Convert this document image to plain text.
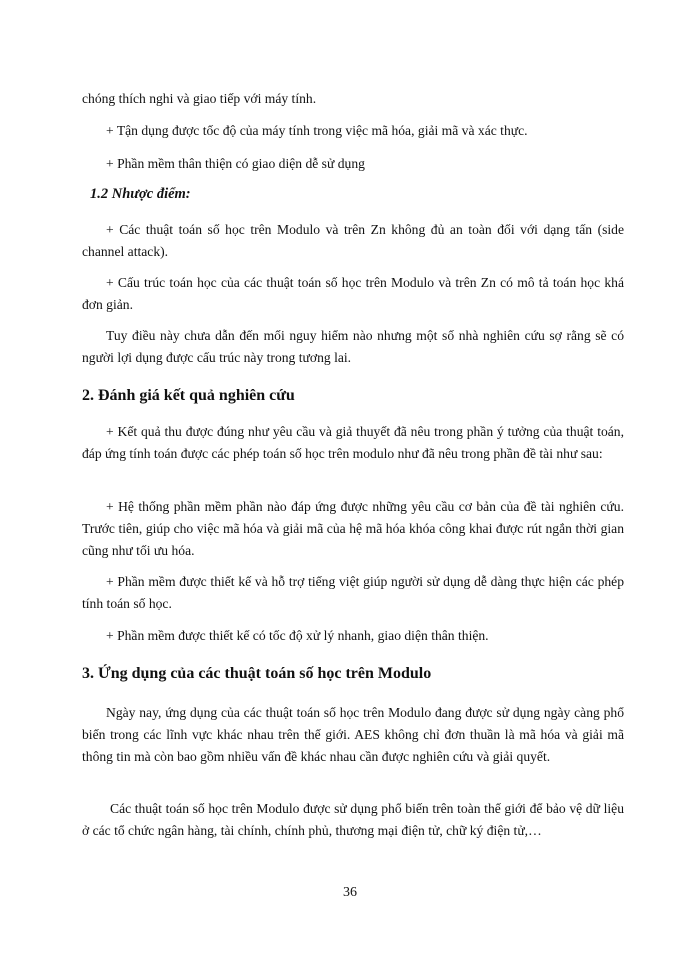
chóng thích nghi và giao tiếp với máy tính.

+ Tận dụng được tốc độ của máy tính trong việc mã hóa, giải mã và xác thực.

+ Phần mềm thân thiện có giao diện dễ sử dụng

1.2 Nhược điểm:

+ Các thuật toán số học trên Modulo và trên Zn không đủ an toàn đối với dạng tấn (side channel attack).

+ Cấu trúc toán học của các thuật toán số học trên Modulo và trên Zn có mô tả toán học khá đơn giản.

Tuy điều này chưa dẫn đến mối nguy hiểm nào nhưng một số nhà nghiên cứu sợ rằng sẽ có người lợi dụng được cấu trúc này trong tương lai.

2. Đánh giá kết quả nghiên cứu

+ Kết quả thu được đúng như yêu cầu và giả thuyết đã nêu trong phần ý tưởng của thuật toán, đáp ứng tính toán được các phép toán số học trên modulo như đã nêu trong phần đề tài như sau:

+ Hệ thống phần mềm phần nào đáp ứng được những yêu cầu cơ bản của đề tài nghiên cứu. Trước tiên, giúp cho việc mã hóa và giải mã của hệ mã hóa khóa công khai được rút ngắn thời gian cũng như tối ưu hóa.

+ Phần mềm được thiết kế và hỗ trợ tiếng việt giúp người sử dụng dễ dàng thực hiện các phép tính toán số học.

+ Phần mềm được thiết kế có tốc độ xử lý nhanh, giao diện thân thiện.

3. Ứng dụng của các thuật toán số học trên Modulo

Ngày nay, ứng dụng của các thuật toán số học trên Modulo đang được sử dụng ngày càng phổ biến trong các lĩnh vực khác nhau trên thế giới. AES không chỉ đơn thuần là mã hóa và giải mã thông tin mà còn bao gồm nhiều vấn đề khác nhau cần được nghiên cứu và giải quyết.

Các thuật toán số học trên Modulo được sử dụng phổ biến trên toàn thế giới để bảo vệ dữ liệu ở các tổ chức ngân hàng, tài chính, chính phủ, thương mại điện tử, chữ ký điện tử,…

36
